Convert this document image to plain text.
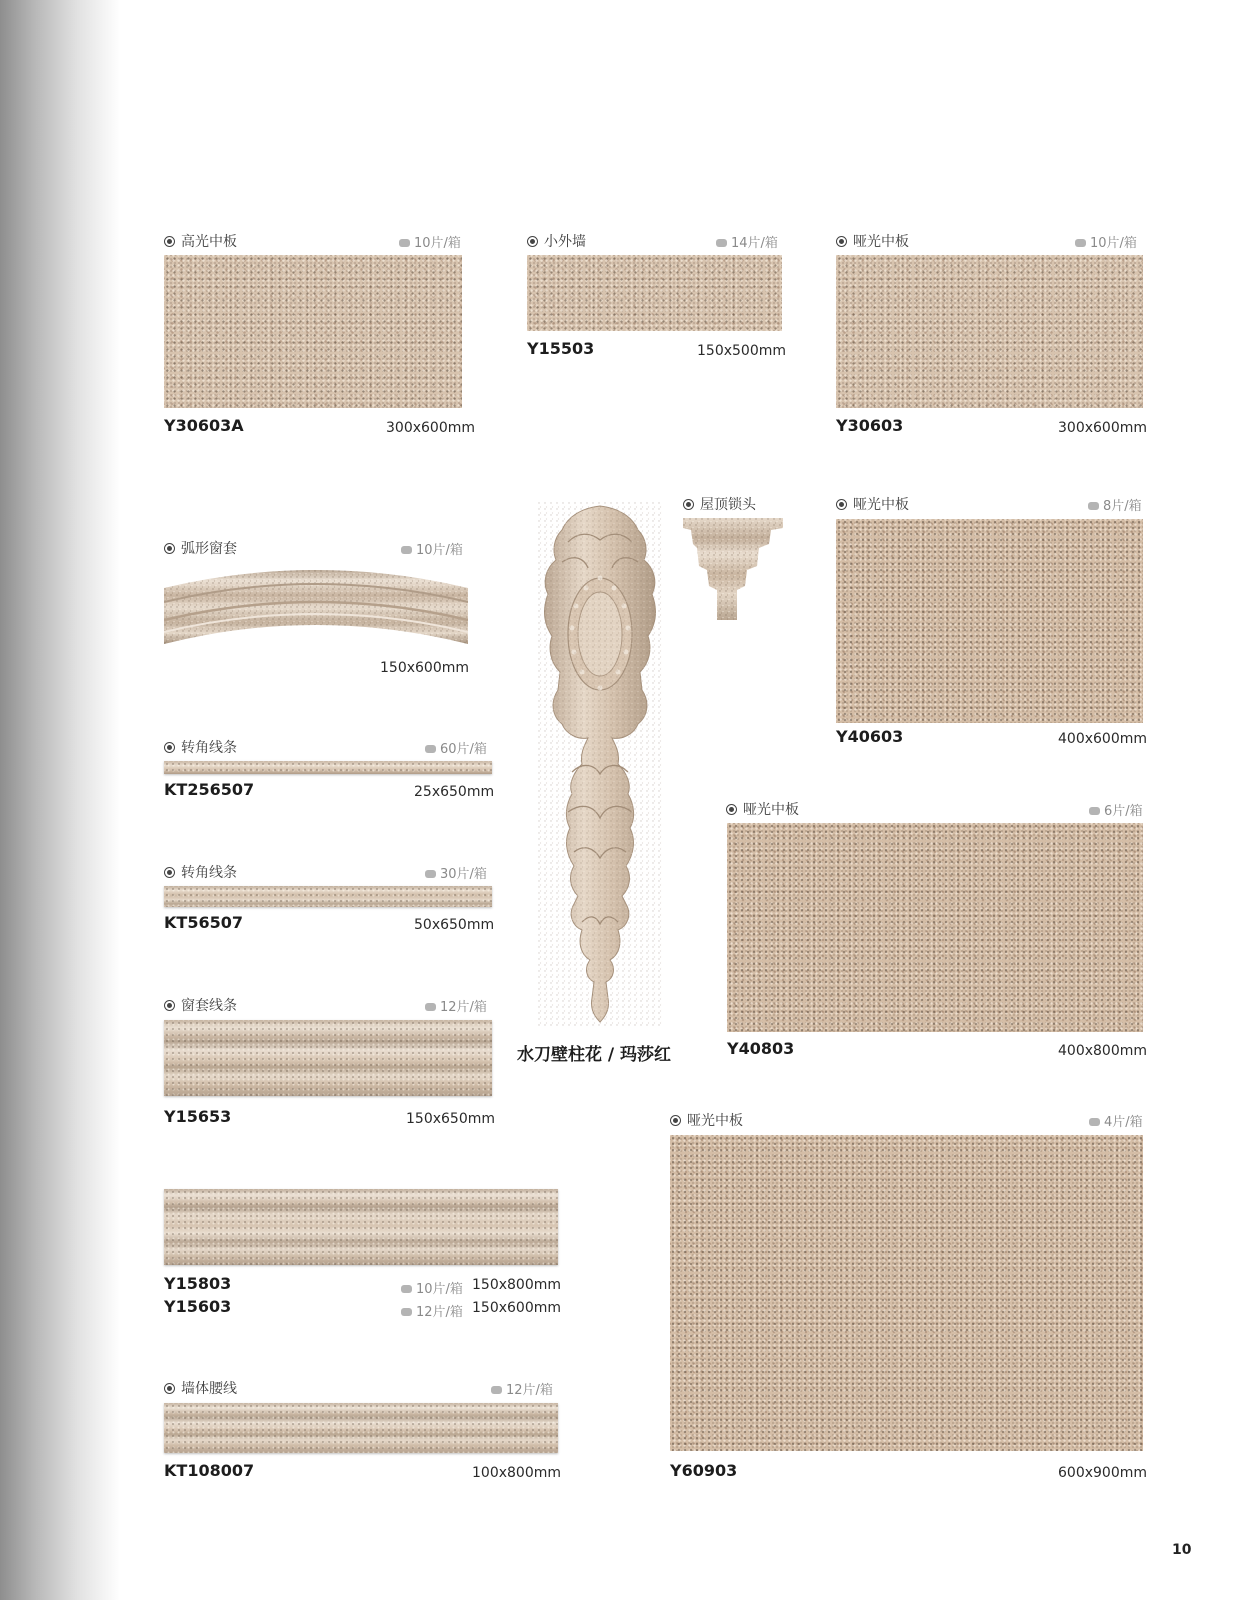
高光中板	10片/箱
Y30603A	300x600mm
小外墙	14片/箱
Y15503	150x500mm
哑光中板	10片/箱
Y30603	300x600mm
弧形窗套	10片/箱
150x600mm
屋顶锁头	哑光中板	8片/箱
Y40603	400x600mm
转角线条	60片/箱
KT256507	25x650mm
转角线条	30片/箱
KT56507	50x650mm
哑光中板	6片/箱
Y40803	400x800mm
窗套线条	12片/箱
Y15653	150x650mm
水刀壁柱花 / 玛莎红
哑光中板	4片/箱
Y60903	600x900mm
Y15803	10片/箱 150x800mm
Y15603	12片/箱 150x600mm
墙体腰线	12片/箱
KT108007	100x800mm
10
